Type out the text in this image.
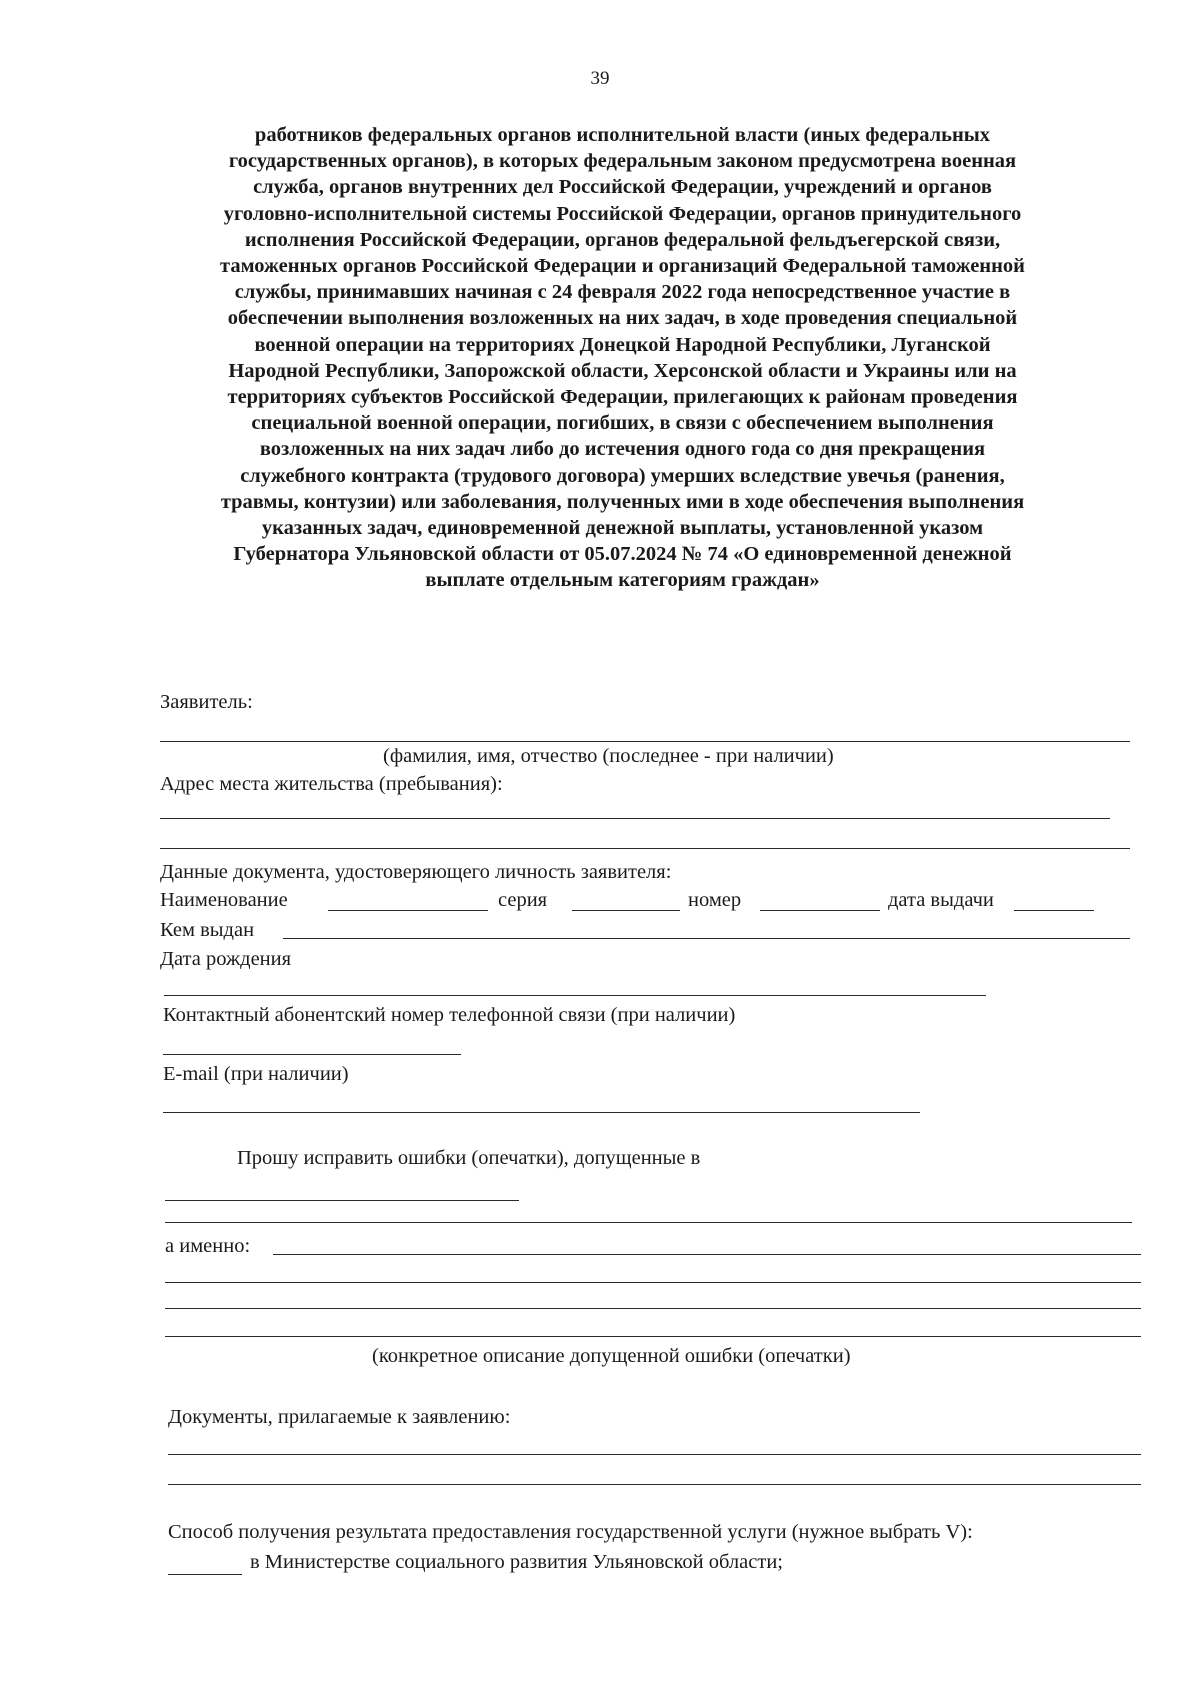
39
работников федеральных органов исполнительной власти (иных федеральных
государственных органов), в которых федеральным законом предусмотрена военная
служба, органов внутренних дел Российской Федерации, учреждений и органов
уголовно-исполнительной системы Российской Федерации, органов принудительного
исполнения Российской Федерации, органов федеральной фельдъегерской связи,
таможенных органов Российской Федерации и организаций Федеральной таможенной
службы, принимавших начиная с 24 февраля 2022 года непосредственное участие в
обеспечении выполнения возложенных на них задач, в ходе проведения специальной
военной операции на территориях Донецкой Народной Республики, Луганской
Народной Республики, Запорожской области, Херсонской области и Украины или на
территориях субъектов Российской Федерации, прилегающих к районам проведения
специальной военной операции, погибших, в связи с обеспечением выполнения
возложенных на них задач либо до истечения одного года со дня прекращения
служебного контракта (трудового договора) умерших вследствие увечья (ранения,
травмы, контузии) или заболевания, полученных ими в ходе обеспечения выполнения
указанных задач, единовременной денежной выплаты, установленной указом
Губернатора Ульяновской области от 05.07.2024 № 74 «О единовременной денежной
выплате отдельным категориям граждан»
Заявитель:
(фамилия, имя, отчество (последнее - при наличии)
Адрес места жительства (пребывания):
Данные документа, удостоверяющего личность заявителя:
Наименование	серия	номер	дата выдачи
Кем выдан
Дата рождения
Контактный абонентский номер телефонной связи (при наличии)
E-mail (при наличии)
Прошу исправить ошибки (опечатки), допущенные в
а именно:
(конкретное описание допущенной ошибки (опечатки)
Документы, прилагаемые к заявлению:
Способ получения результата предоставления государственной услуги (нужное выбрать V):
в Министерстве социального развития Ульяновской области;
